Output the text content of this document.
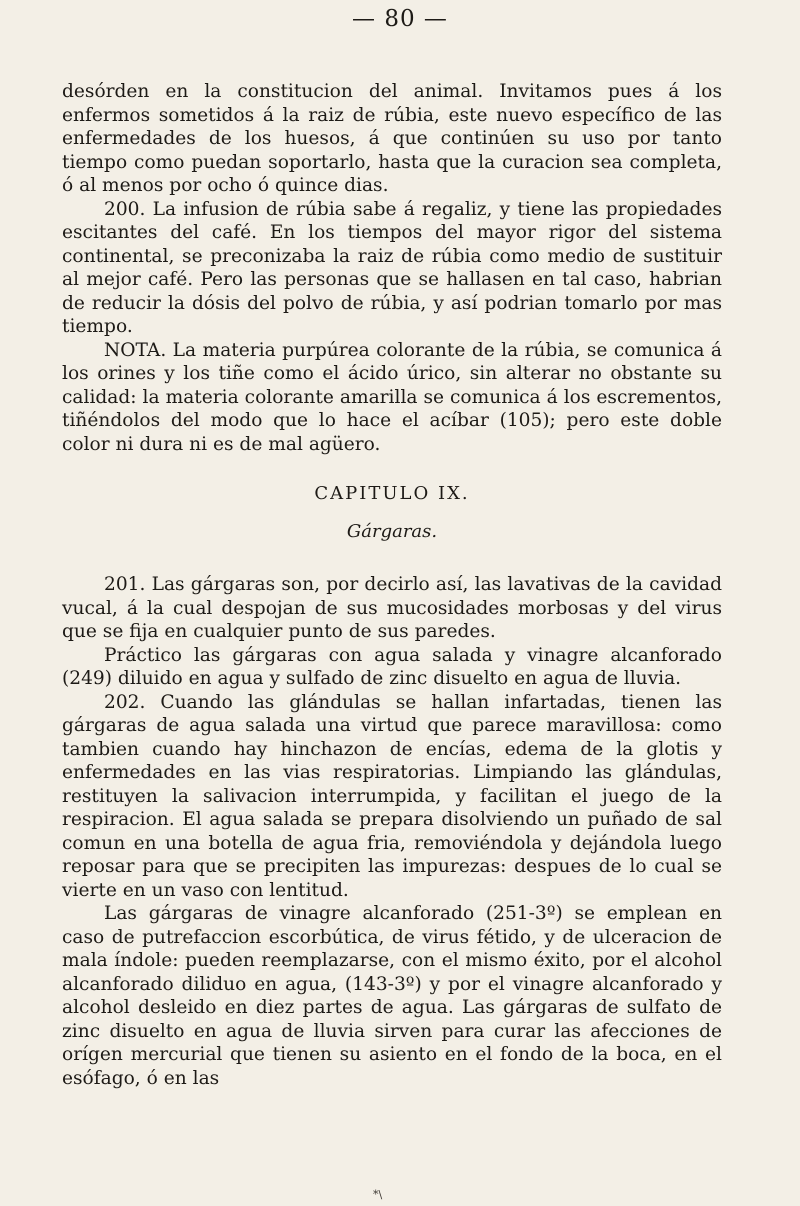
— 80 —

desórden en la constitucion del animal. Invitamos pues á los enfermos sometidos á la raiz de rúbia, este nuevo específico de las enfermedades de los huesos, á que continúen su uso por tanto tiempo como puedan soportarlo, hasta que la curacion sea completa, ó al menos por ocho ó quince dias.

200. La infusion de rúbia sabe á regaliz, y tiene las propiedades escitantes del café. En los tiempos del mayor rigor del sistema continental, se preconizaba la raiz de rúbia como medio de sustituir al mejor café. Pero las personas que se hallasen en tal caso, habrian de reducir la dósis del polvo de rúbia, y así podrian tomarlo por mas tiempo.

NOTA. La materia purpúrea colorante de la rúbia, se comunica á los orines y los tiñe como el ácido úrico, sin alterar no obstante su calidad: la materia colorante amarilla se comunica á los escrementos, tiñéndolos del modo que lo hace el acíbar (105); pero este doble color ni dura ni es de mal agüero.

CAPITULO IX.
Gárgaras.

201. Las gárgaras son, por decirlo así, las lavativas de la cavidad vucal, á la cual despojan de sus mucosidades morbosas y del virus que se fija en cualquier punto de sus paredes.

Práctico las gárgaras con agua salada y vinagre alcanforado (249) diluido en agua y sulfado de zinc disuelto en agua de lluvia.

202. Cuando las glándulas se hallan infartadas, tienen las gárgaras de agua salada una virtud que parece maravillosa: como tambien cuando hay hinchazon de encías, edema de la glotis y enfermedades en las vias respiratorias. Limpiando las glándulas, restituyen la salivacion interrumpida, y facilitan el juego de la respiracion. El agua salada se prepara disolviendo un puñado de sal comun en una botella de agua fria, removiéndola y dejándola luego reposar para que se precipiten las impurezas: despues de lo cual se vierte en un vaso con lentitud.

Las gárgaras de vinagre alcanforado (251-3º) se emplean en caso de putrefaccion escorbútica, de virus fétido, y de ulceracion de mala índole: pueden reemplazarse, con el mismo éxito, por el alcohol alcanforado diliduo en agua, (143-3º) y por el vinagre alcanforado y alcohol desleido en diez partes de agua. Las gárgaras de sulfato de zinc disuelto en agua de lluvia sirven para curar las afecciones de orígen mercurial que tienen su asiento en el fondo de la boca, en el esófago, ó en las

*\
